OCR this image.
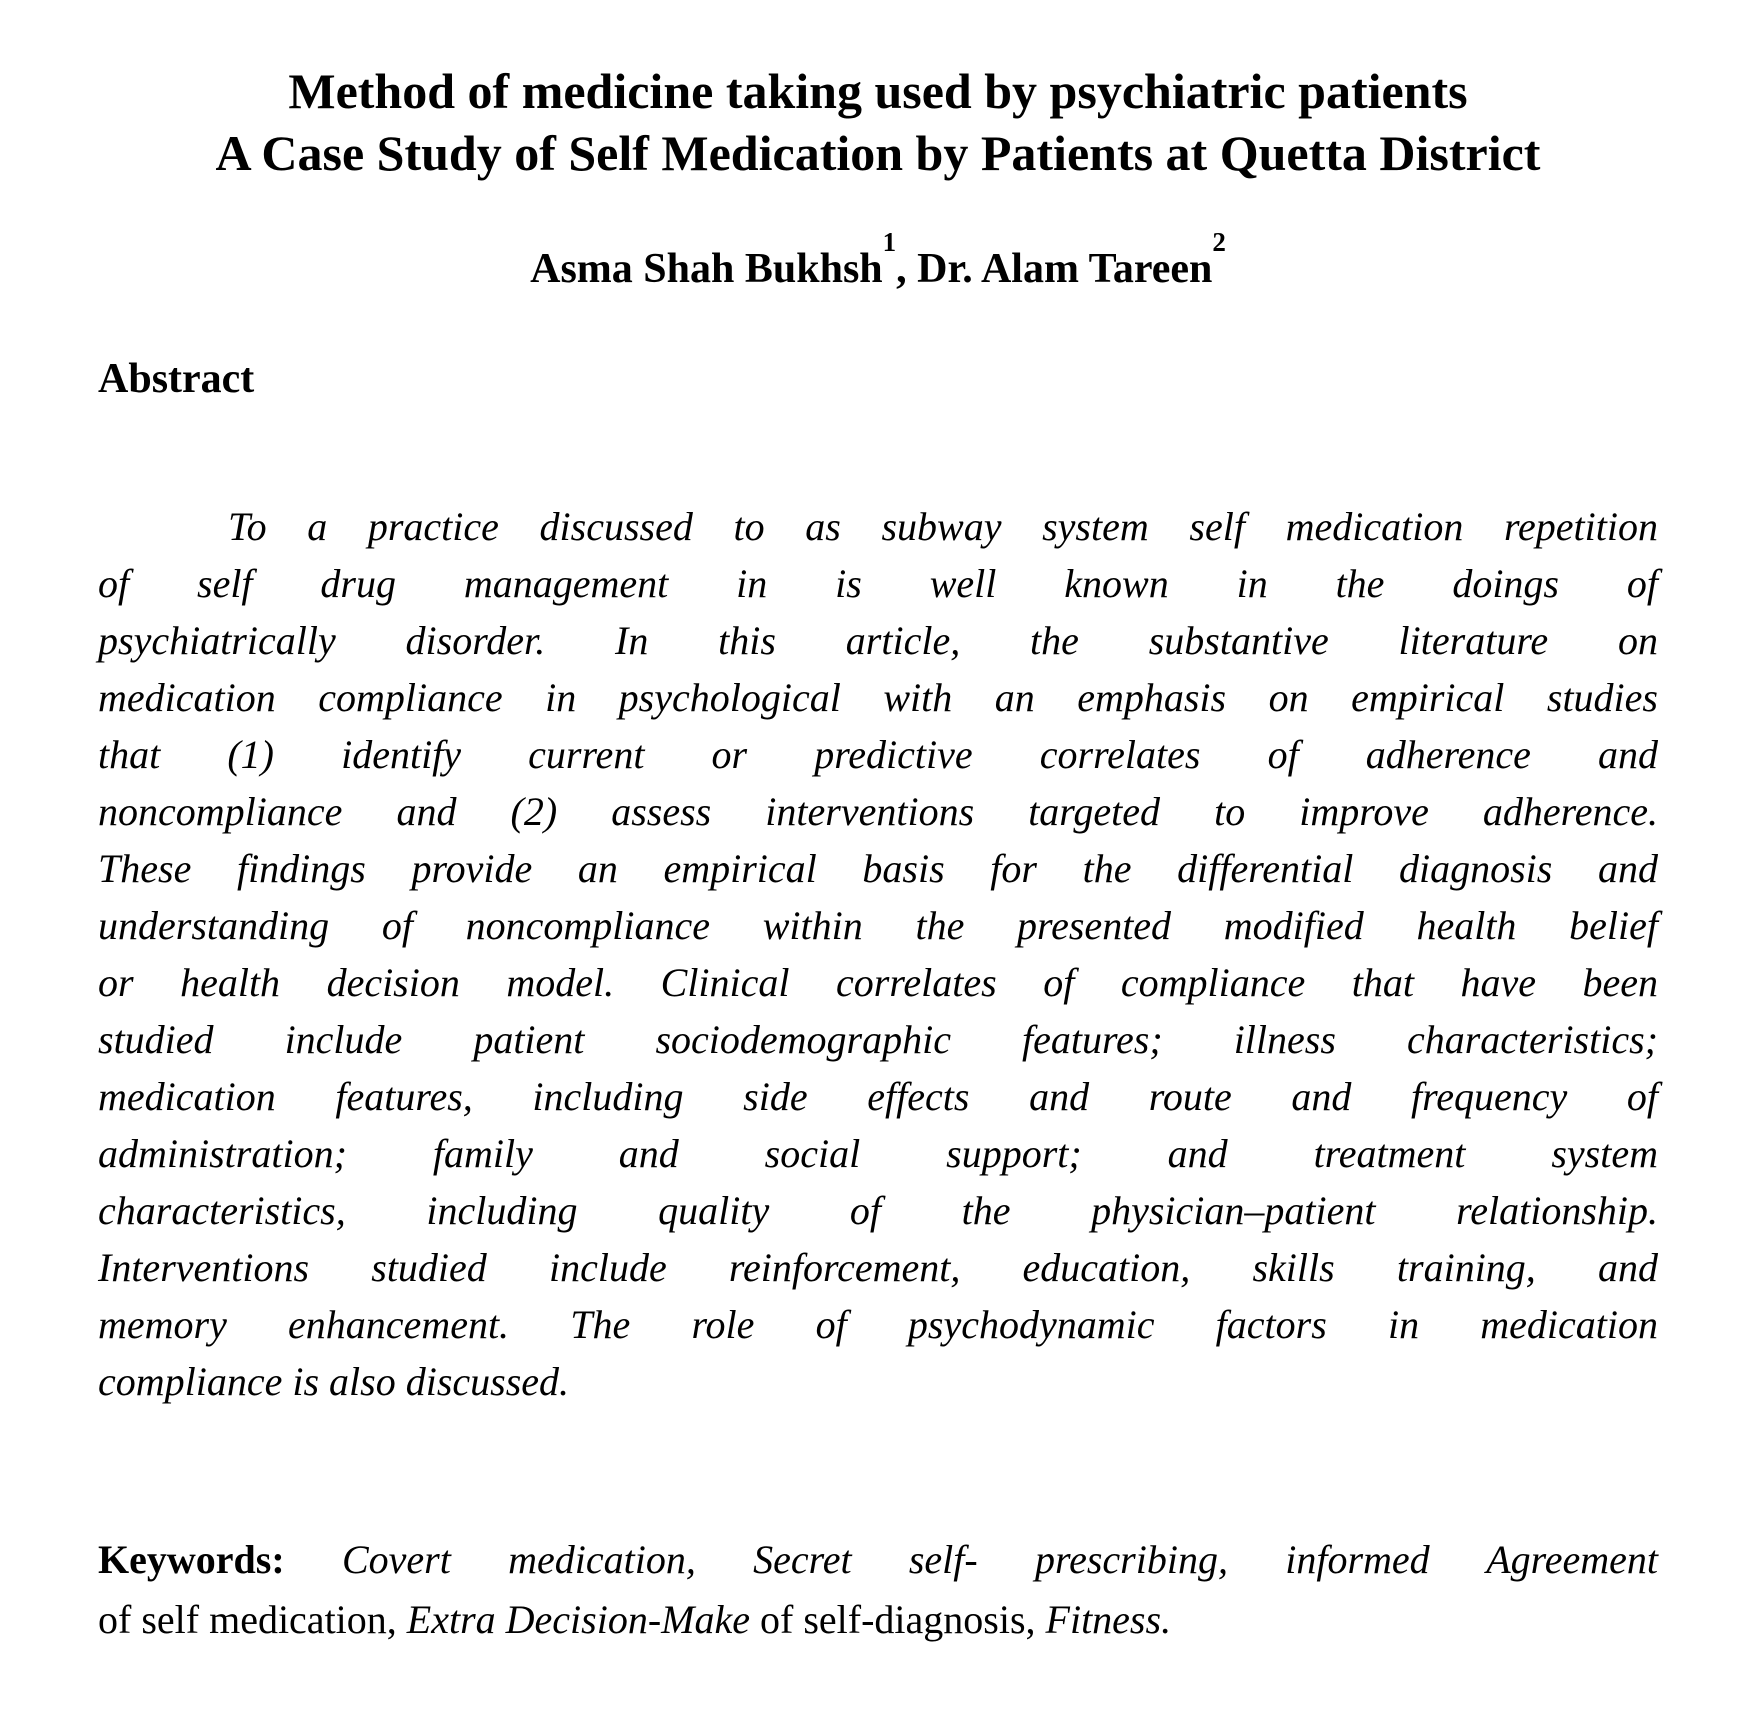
Method of medicine taking used by psychiatric patients
A Case Study of Self Medication by Patients at Quetta District
Asma Shah Bukhsh$^1$, Dr. Alam Tareen$^2$
Abstract
To a practice discussed to as subway system self medication repetition
of self drug management in is well known in the doings of
psychiatrically disorder. In this article, the substantive literature on
medication compliance in psychological with an emphasis on empirical studies
that (1) identify current or predictive correlates of adherence and
noncompliance and (2) assess interventions targeted to improve adherence.
These findings provide an empirical basis for the differential diagnosis and
understanding of noncompliance within the presented modified health belief
or health decision model. Clinical correlates of compliance that have been
studied include patient sociodemographic features; illness characteristics;
medication features, including side effects and route and frequency of
administration; family and social support; and treatment system
characteristics, including quality of the physician–patient relationship.
Interventions studied include reinforcement, education, skills training, and
memory enhancement. The role of psychodynamic factors in medication
compliance is also discussed.
Keywords: Covert medication, Secret self- prescribing, informed Agreement
of self medication, Extra Decision-Make of self-diagnosis, Fitness.
